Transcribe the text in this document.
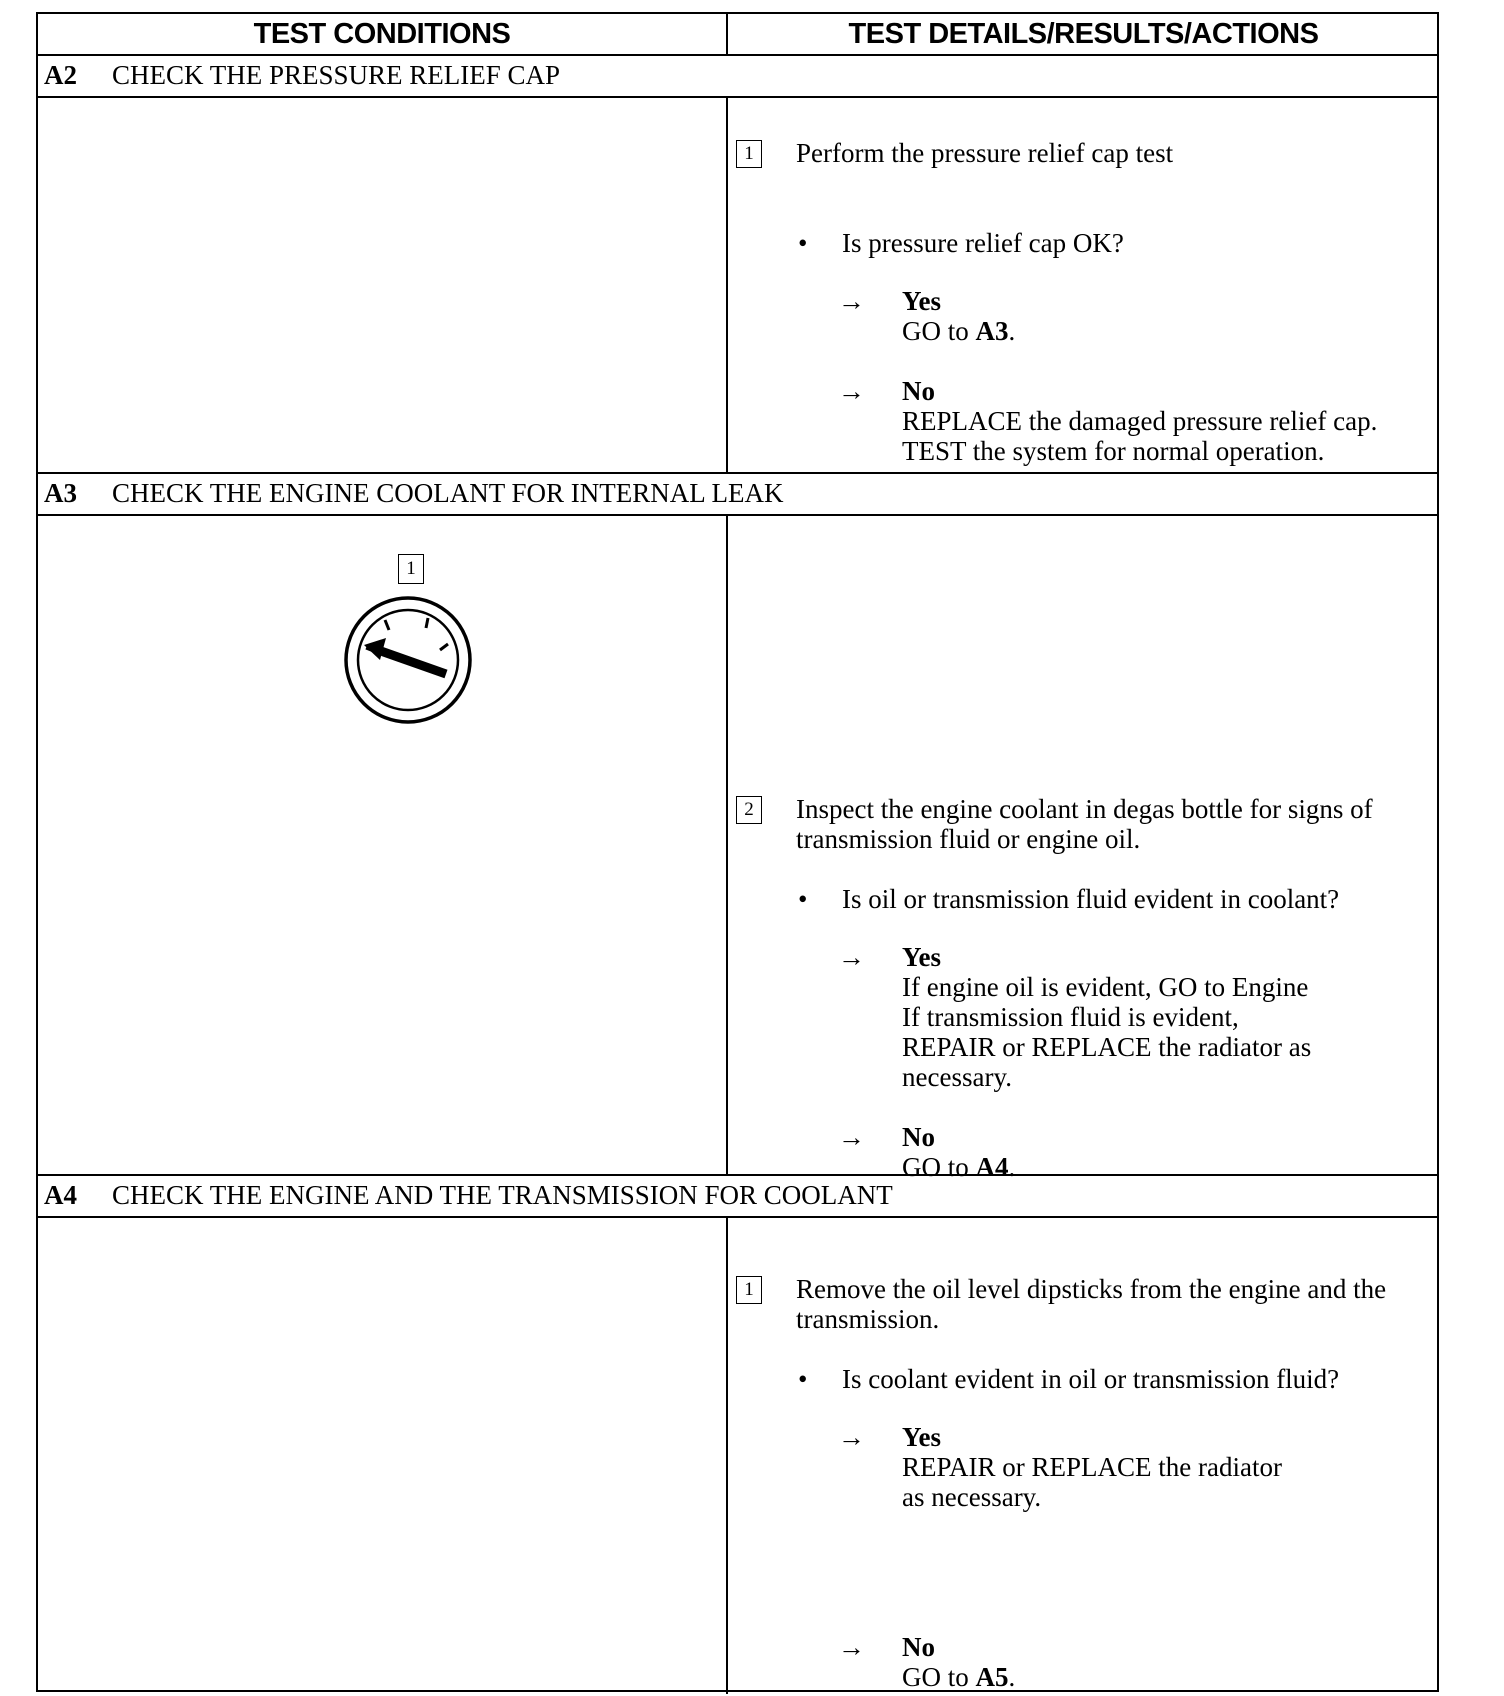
TEST CONDITIONS	TEST DETAILS/RESULTS/ACTIONS
A2 CHECK THE PRESSURE RELIEF CAP
1	Perform the pressure relief cap test
• Is pressure relief cap OK?
→ Yes
GO to A3.
→ No
REPLACE the damaged pressure relief cap.
TEST the system for normal operation.
A3 CHECK THE ENGINE COOLANT FOR INTERNAL LEAK
1
2	Inspect the engine coolant in degas bottle for signs of transmission fluid or engine oil.
• Is oil or transmission fluid evident in coolant?
→ Yes
If engine oil is evident, GO to Engine
If transmission fluid is evident,
REPAIR or REPLACE the radiator as
necessary.
→ No
GO to A4.
A4 CHECK THE ENGINE AND THE TRANSMISSION FOR COOLANT
1	Remove the oil level dipsticks from the engine and the transmission.
• Is coolant evident in oil or transmission fluid?
→ Yes
REPAIR or REPLACE the radiator
as necessary.
→ No
GO to A5.
